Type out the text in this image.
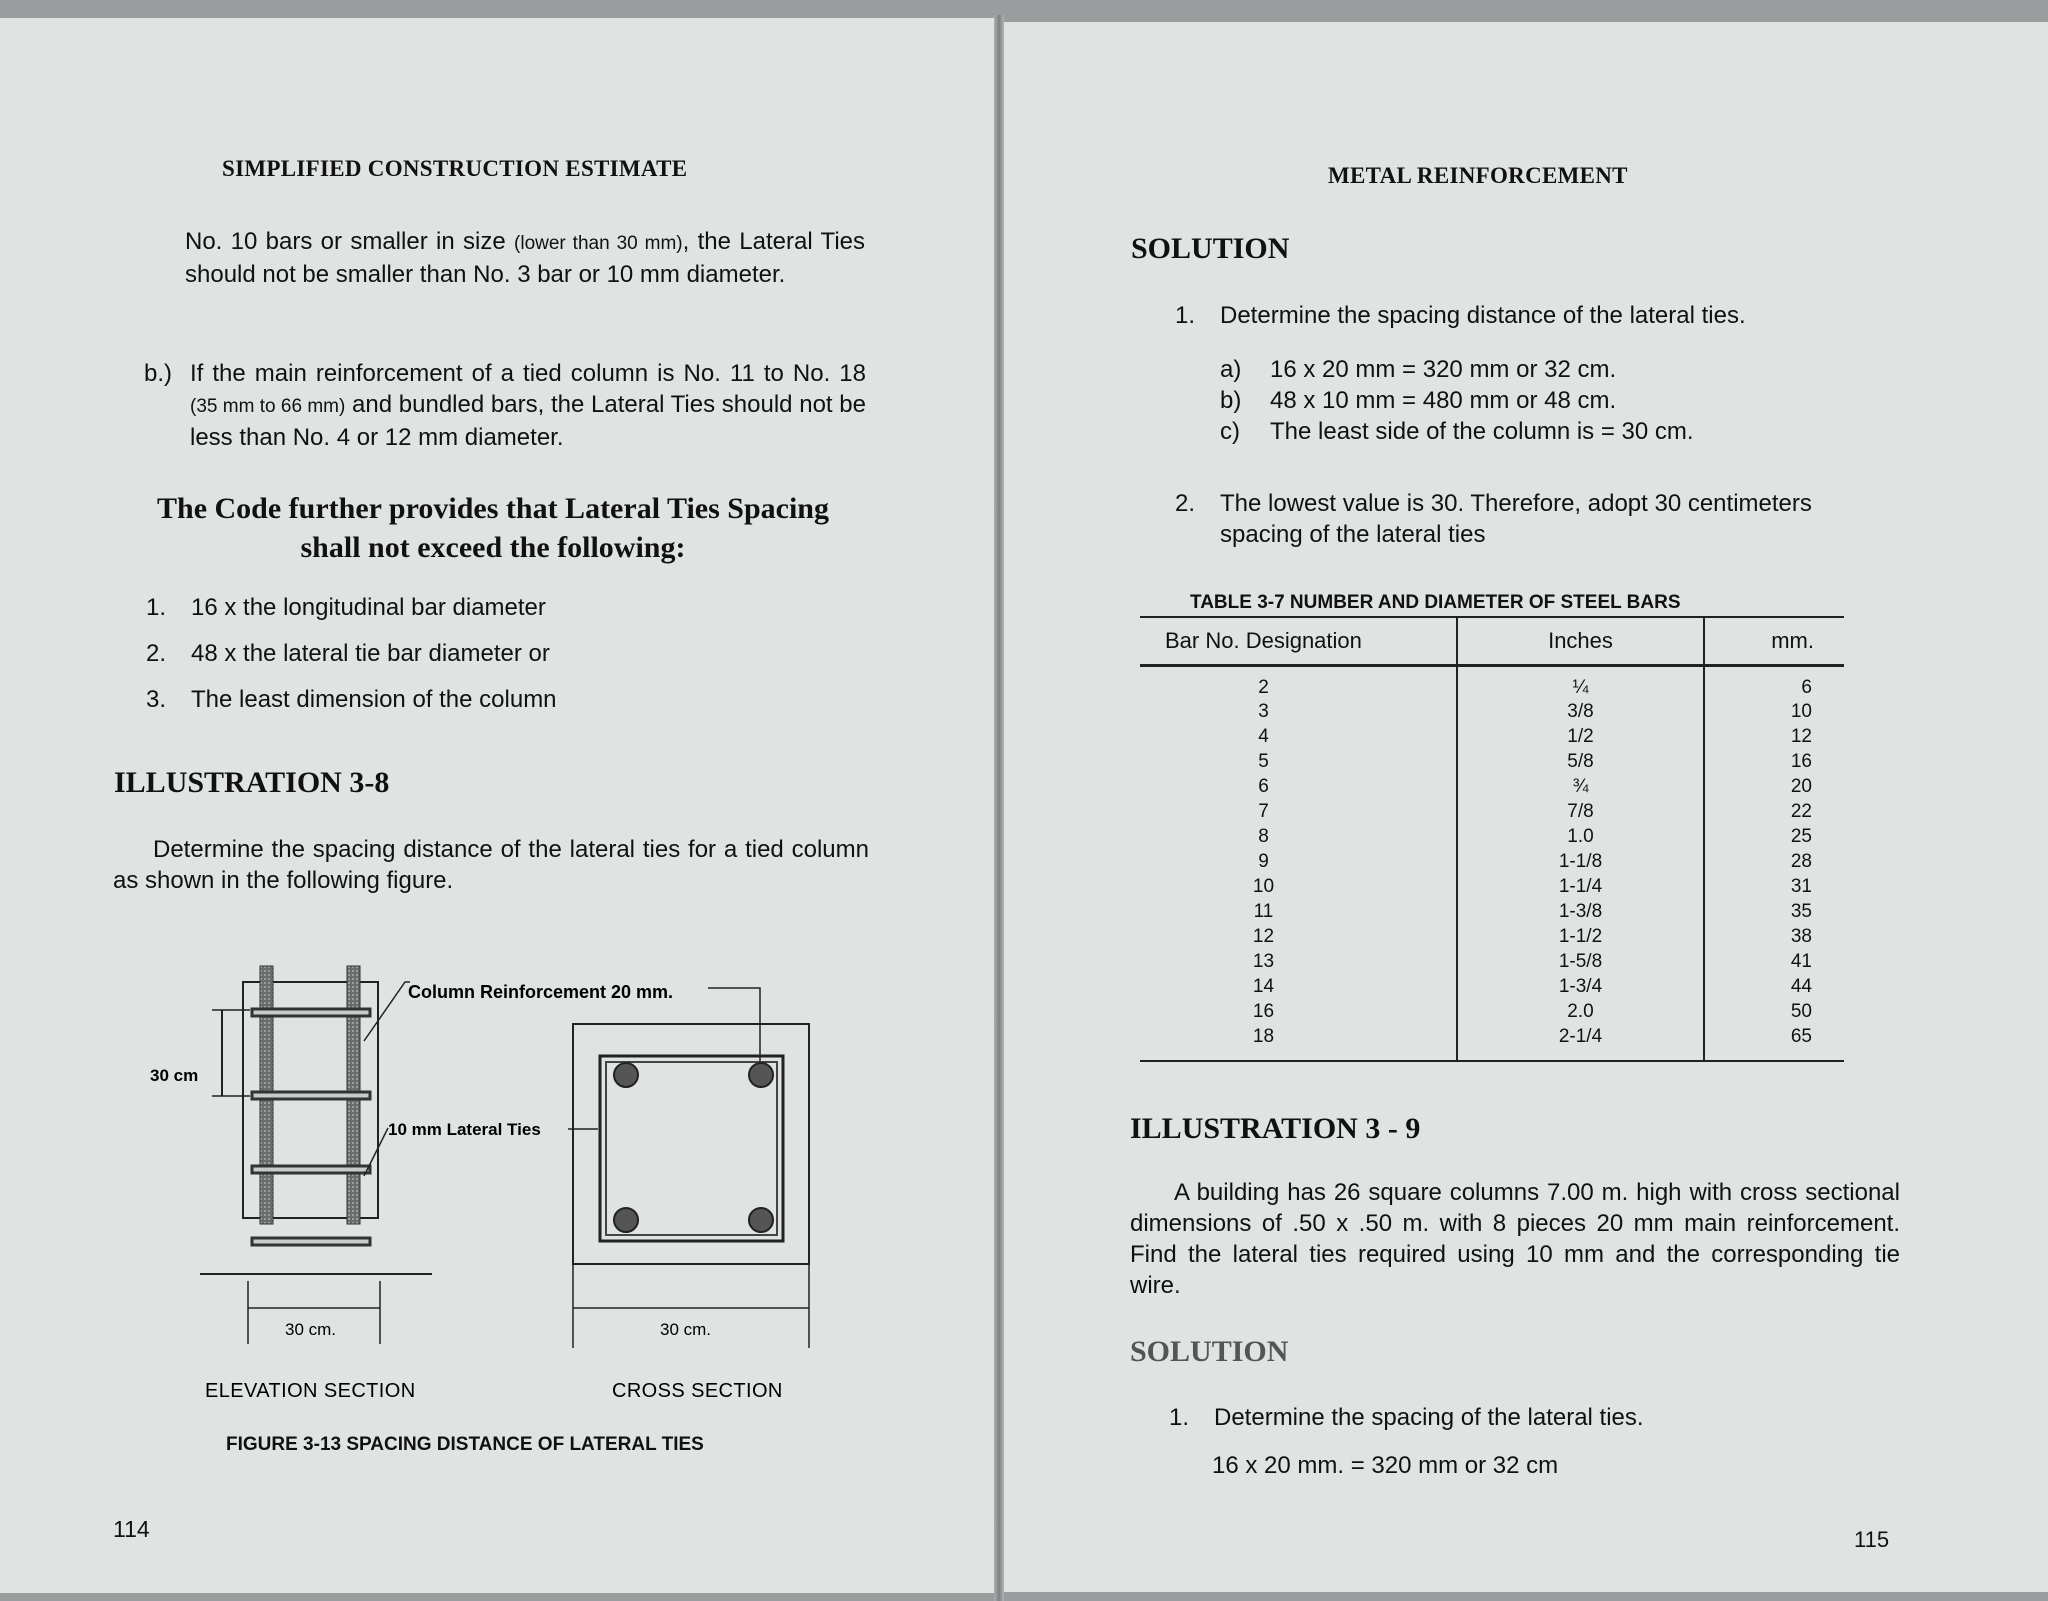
SIMPLIFIED CONSTRUCTION ESTIMATE
No. 10 bars or smaller in size (lower than 30 mm), the Lateral Ties should not be smaller than No. 3 bar or 10 mm diameter.
b.) If the main reinforcement of a tied column is No. 11 to No. 18 (35 mm to 66 mm) and bundled bars, the Lateral Ties should not be less than No. 4 or 12 mm diameter.
The Code further provides that Lateral Ties Spacing
shall not exceed the following:
1. 16 x the longitudinal bar diameter
2. 48 x the lateral tie bar diameter or
3. The least dimension of the column
ILLUSTRATION 3-8
Determine the spacing distance of the lateral ties for a tied column as shown in the following figure.
30 cm
Column Reinforcement 20 mm.
10 mm Lateral Ties
30 cm.	30 cm.
ELEVATION SECTION	CROSS SECTION
FIGURE 3-13 SPACING DISTANCE OF LATERAL TIES
114
METAL REINFORCEMENT
SOLUTION
1. Determine the spacing distance of the lateral ties.
a) 16 x 20 mm = 320 mm or 32 cm.
b) 48 x 10 mm = 480 mm or 48 cm.
c) The least side of the column is = 30 cm.
2. The lowest value is 30. Therefore, adopt 30 centimeters spacing of the lateral ties
TABLE 3-7 NUMBER AND DIAMETER OF STEEL BARS
Bar No. Designation	Inches	mm.
2	¼	6
3	3/8	10
4	1/2	12
5	5/8	16
6	¾	20
7	7/8	22
8	1.0	25
9	1-1/8	28
10	1-1/4	31
11	1-3/8	35
12	1-1/2	38
13	1-5/8	41
14	1-3/4	44
16	2.0	50
18	2-1/4	65
ILLUSTRATION 3 - 9
A building has 26 square columns 7.00 m. high with cross sectional dimensions of .50 x .50 m. with 8 pieces 20 mm main reinforcement. Find the lateral ties required using 10 mm and the corresponding tie wire.
SOLUTION
1. Determine the spacing of the lateral ties.
16 x 20 mm. = 320 mm or 32 cm
115
